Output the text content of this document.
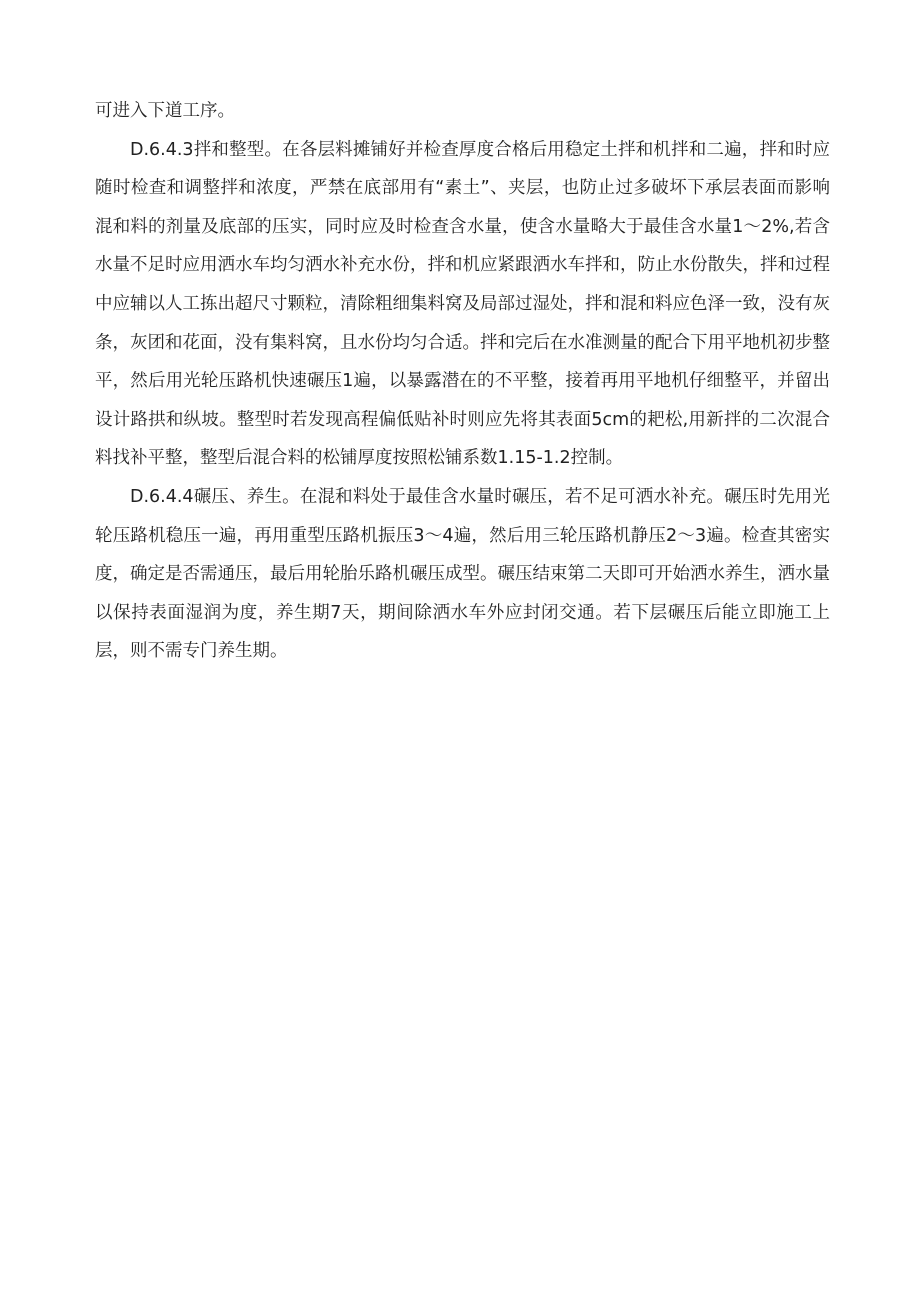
可进入下道工序。

D.6.4.3拌和整型。在各层料摊铺好并检查厚度合格后用稳定土拌和机拌和二遍，拌和时应随时检查和调整拌和浓度，严禁在底部用有“素土”、夹层，也防止过多破坏下承层表面而影响混和料的剂量及底部的压实，同时应及时检查含水量，使含水量略大于最佳含水量1～2%,若含水量不足时应用洒水车均匀洒水补充水份，拌和机应紧跟洒水车拌和，防止水份散失，拌和过程中应辅以人工拣出超尺寸颗粒，清除粗细集料窝及局部过湿处，拌和混和料应色泽一致，没有灰条，灰团和花面，没有集料窝，且水份均匀合适。拌和完后在水准测量的配合下用平地机初步整平，然后用光轮压路机快速碾压1遍，以暴露潜在的不平整，接着再用平地机仔细整平，并留出设计路拱和纵坡。整型时若发现高程偏低贴补时则应先将其表面5cm的耙松,用新拌的二次混合料找补平整，整型后混合料的松铺厚度按照松铺系数1.15-1.2控制。

D.6.4.4碾压、养生。在混和料处于最佳含水量时碾压，若不足可洒水补充。碾压时先用光轮压路机稳压一遍，再用重型压路机振压3～4遍，然后用三轮压路机静压2～3遍。检查其密实度，确定是否需通压，最后用轮胎乐路机碾压成型。碾压结束第二天即可开始洒水养生，洒水量以保持表面湿润为度，养生期7天，期间除洒水车外应封闭交通。若下层碾压后能立即施工上层，则不需专门养生期。
